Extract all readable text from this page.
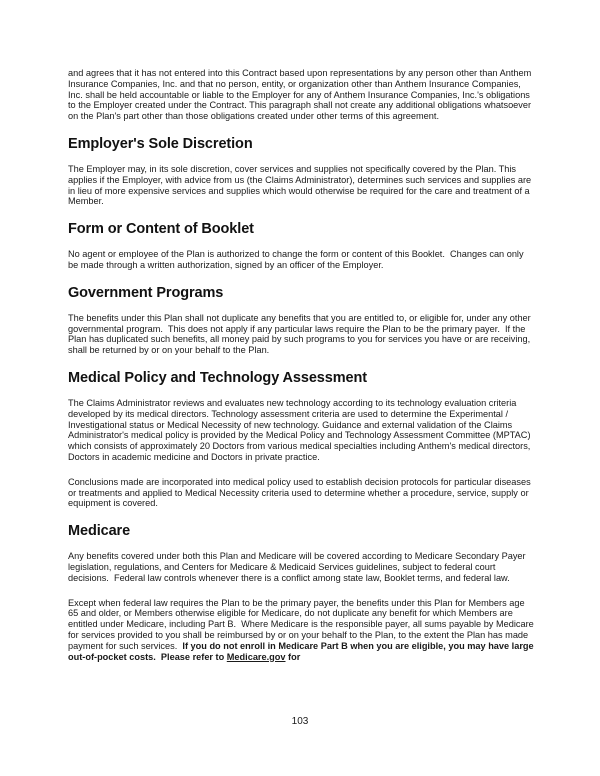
and agrees that it has not entered into this Contract based upon representations by any person other than Anthem Insurance Companies, Inc. and that no person, entity, or organization other than Anthem Insurance Companies, Inc. shall be held accountable or liable to the Employer for any of Anthem Insurance Companies, Inc.'s obligations to the Employer created under the Contract. This paragraph shall not create any additional obligations whatsoever on the Plan's part other than those obligations created under other terms of this agreement.

Employer's Sole Discretion

The Employer may, in its sole discretion, cover services and supplies not specifically covered by the Plan. This applies if the Employer, with advice from us (the Claims Administrator), determines such services and supplies are in lieu of more expensive services and supplies which would otherwise be required for the care and treatment of a Member.

Form or Content of Booklet

No agent or employee of the Plan is authorized to change the form or content of this Booklet.  Changes can only be made through a written authorization, signed by an officer of the Employer.

Government Programs

The benefits under this Plan shall not duplicate any benefits that you are entitled to, or eligible for, under any other governmental program.  This does not apply if any particular laws require the Plan to be the primary payer.  If the Plan has duplicated such benefits, all money paid by such programs to you for services you have or are receiving, shall be returned by or on your behalf to the Plan.

Medical Policy and Technology Assessment

The Claims Administrator reviews and evaluates new technology according to its technology evaluation criteria developed by its medical directors. Technology assessment criteria are used to determine the Experimental / Investigational status or Medical Necessity of new technology. Guidance and external validation of the Claims Administrator's medical policy is provided by the Medical Policy and Technology Assessment Committee (MPTAC) which consists of approximately 20 Doctors from various medical specialties including Anthem's medical directors, Doctors in academic medicine and Doctors in private practice.

Conclusions made are incorporated into medical policy used to establish decision protocols for particular diseases or treatments and applied to Medical Necessity criteria used to determine whether a procedure, service, supply or equipment is covered.

Medicare

Any benefits covered under both this Plan and Medicare will be covered according to Medicare Secondary Payer legislation, regulations, and Centers for Medicare & Medicaid Services guidelines, subject to federal court decisions.  Federal law controls whenever there is a conflict among state law, Booklet terms, and federal law.

Except when federal law requires the Plan to be the primary payer, the benefits under this Plan for Members age 65 and older, or Members otherwise eligible for Medicare, do not duplicate any benefit for which Members are entitled under Medicare, including Part B.  Where Medicare is the responsible payer, all sums payable by Medicare for services provided to you shall be reimbursed by or on your behalf to the Plan, to the extent the Plan has made payment for such services.  If you do not enroll in Medicare Part B when you are eligible, you may have large out-of-pocket costs.  Please refer to Medicare.gov for

103
